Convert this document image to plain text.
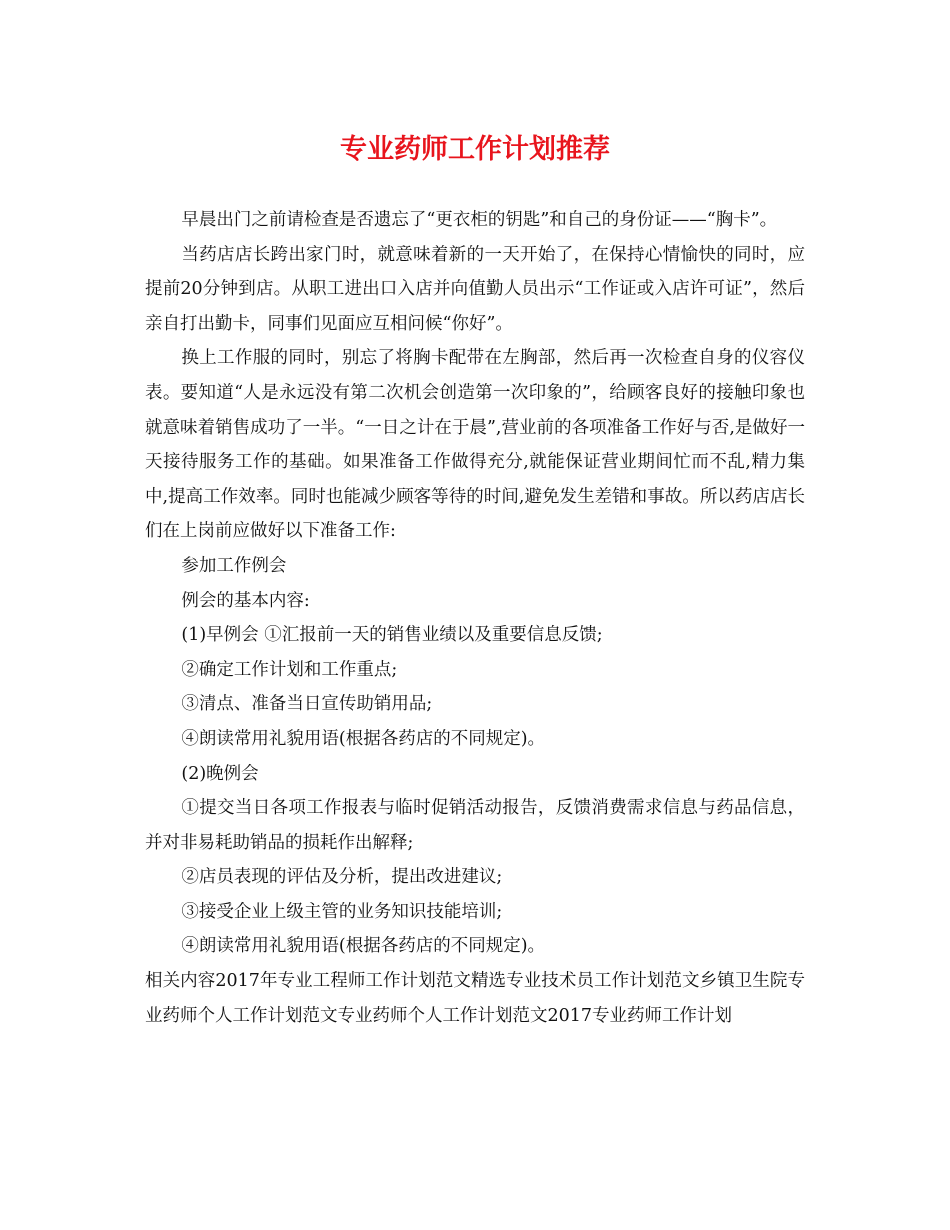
专业药师工作计划推荐

早晨出门之前请检查是否遗忘了“更衣柜的钥匙”和自己的身份证——“胸卡”。

当药店店长跨出家门时，就意味着新的一天开始了，在保持心情愉快的同时，应提前20分钟到店。从职工进出口入店并向值勤人员出示“工作证或入店许可证”，然后亲自打出勤卡，同事们见面应互相问候“你好”。

换上工作服的同时，别忘了将胸卡配带在左胸部，然后再一次检查自身的仪容仪表。要知道“人是永远没有第二次机会创造第一次印象的”，给顾客良好的接触印象也就意味着销售成功了一半。“一日之计在于晨”,营业前的各项准备工作好与否,是做好一天接待服务工作的基础。如果准备工作做得充分,就能保证营业期间忙而不乱,精力集中,提高工作效率。同时也能减少顾客等待的时间,避免发生差错和事故。所以药店店长们在上岗前应做好以下准备工作:

参加工作例会

例会的基本内容:

(1)早例会 ①汇报前一天的销售业绩以及重要信息反馈;

②确定工作计划和工作重点;

③清点、准备当日宣传助销用品;

④朗读常用礼貌用语(根据各药店的不同规定)。

(2)晚例会

①提交当日各项工作报表与临时促销活动报告，反馈消费需求信息与药品信息，并对非易耗助销品的损耗作出解释;

②店员表现的评估及分析，提出改进建议;

③接受企业上级主管的业务知识技能培训;

④朗读常用礼貌用语(根据各药店的不同规定)。

相关内容2017年专业工程师工作计划范文精选专业技术员工作计划范文乡镇卫生院专业药师个人工作计划范文专业药师个人工作计划范文2017专业药师工作计划
